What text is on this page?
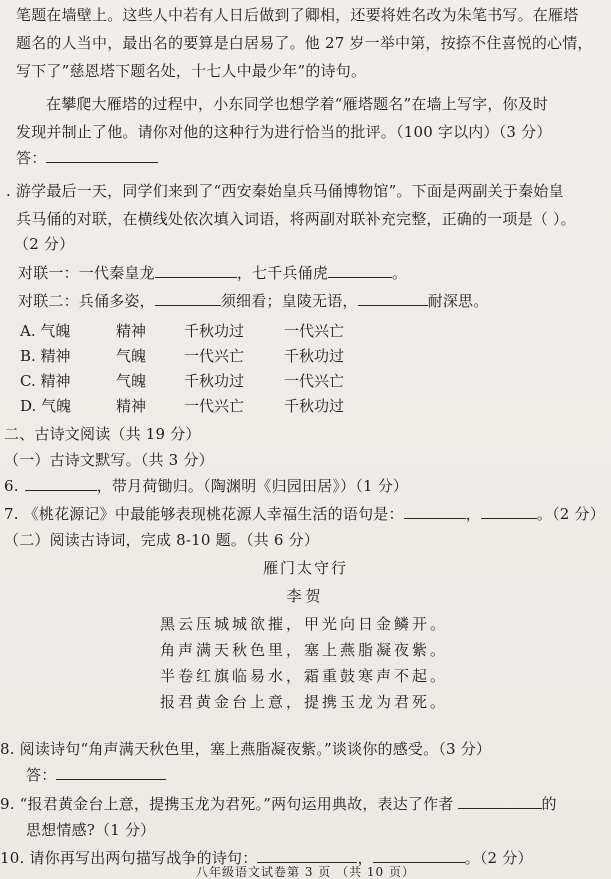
笔题在墙壁上。这些人中若有人日后做到了卿相，还要将姓名改为朱笔书写。在雁塔
题名的人当中，最出名的要算是白居易了。他 27 岁一举中第，按捺不住喜悦的心情，
写下了”慈恩塔下题名处，十七人中最少年”的诗句。
在攀爬大雁塔的过程中，小东同学也想学着“雁塔题名”在墙上写字，你及时
发现并制止了他。请你对他的这种行为进行恰当的批评。（100 字以内）（3 分）
答：
. 游学最后一天，同学们来到了“西安秦始皇兵马俑博物馆”。下面是两副关于秦始皇
兵马俑的对联，在横线处依次填入词语，将两副对联补充完整，正确的一项是（ ）。
（2 分）
对联一：一代秦皇龙	，七千兵俑虎	。
对联二：兵俑多姿，	须细看；皇陵无语，	耐深思。
A. 气魄	精神	千秋功过	一代兴亡
B. 精神	气魄	一代兴亡	千秋功过
C. 精神	气魄	千秋功过	一代兴亡
D. 气魄	精神	一代兴亡	千秋功过
二、古诗文阅读（共 19 分）
（一）古诗文默写。（共 3 分）
6.	，带月荷锄归。（陶渊明《归园田居》）（1 分）
7. 《桃花源记》中最能够表现桃花源人幸福生活的语句是：	，	。（2 分）
（二）阅读古诗词，完成 8-10 题。（共 6 分）
雁门太守行
李贺
黑云压城城欲摧，甲光向日金鳞开。
角声满天秋色里，塞上燕脂凝夜紫。
半卷红旗临易水，霜重鼓寒声不起。
报君黄金台上意，提携玉龙为君死。
8. 阅读诗句“角声满天秋色里，塞上燕脂凝夜紫。”谈谈你的感受。（3 分）
答：
9. “报君黄金台上意，提携玉龙为君死。”两句运用典故，表达了作者	的
思想情感?（1 分）
10. 请你再写出两句描写战争的诗句：	，	。（2 分）
八年级语文试卷第 3 页 （共 10 页）
